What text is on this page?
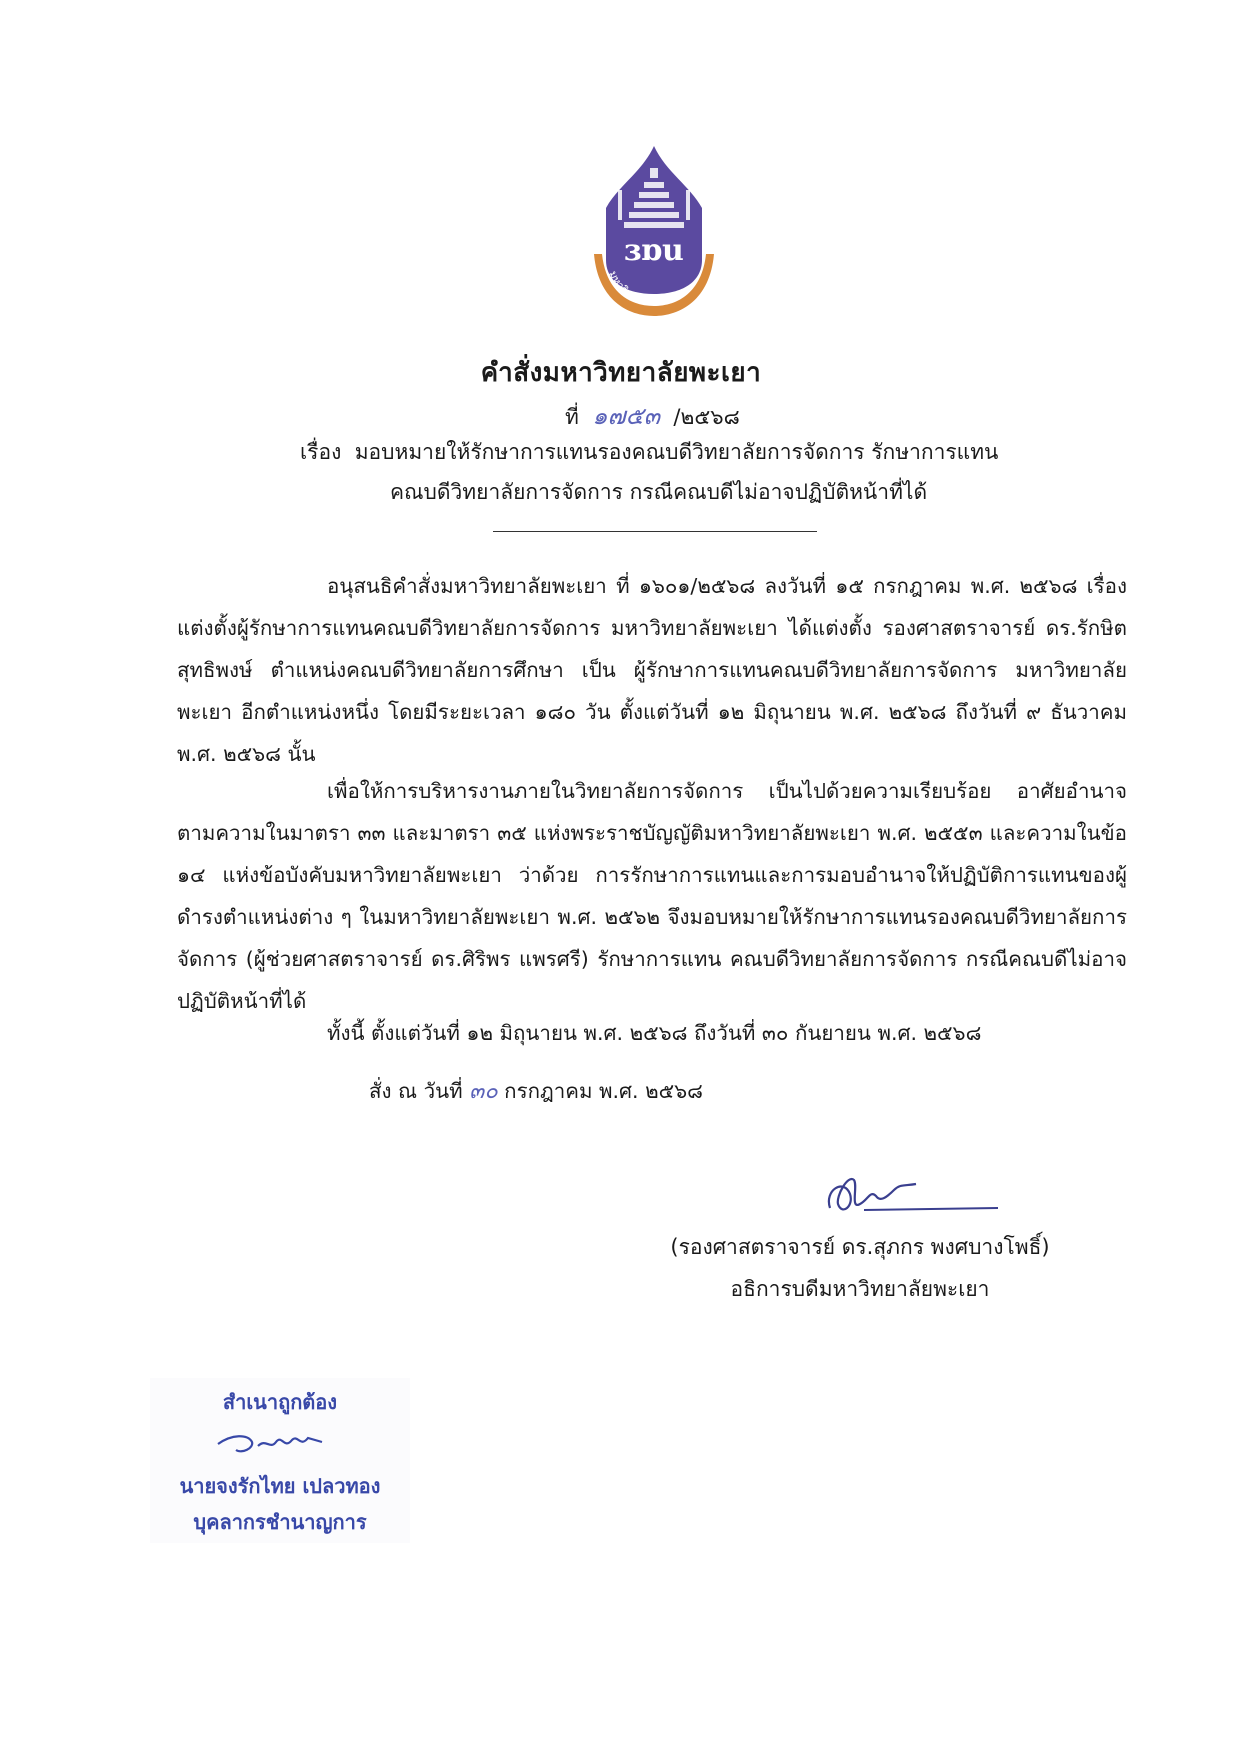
ɜɒu
มหาวิทยาลัยพะเยา
คำสั่งมหาวิทยาลัยพะเยา
ที่ ๑๗๕๓ /๒๕๖๘
เรื่อง มอบหมายให้รักษาการแทนรองคณบดีวิทยาลัยการจัดการ รักษาการแทน
คณบดีวิทยาลัยการจัดการ กรณีคณบดีไม่อาจปฏิบัติหน้าที่ได้

อนุสนธิคำสั่งมหาวิทยาลัยพะเยา ที่ ๑๖๐๑/๒๕๖๘ ลงวันที่ ๑๕ กรกฎาคม พ.ศ. ๒๕๖๘ เรื่อง แต่งตั้งผู้รักษาการแทนคณบดีวิทยาลัยการจัดการ มหาวิทยาลัยพะเยา ได้แต่งตั้ง รองศาสตราจารย์ ดร.รักษิต สุทธิพงษ์ ตำแหน่งคณบดีวิทยาลัยการศึกษา เป็น ผู้รักษาการแทนคณบดีวิทยาลัยการจัดการ มหาวิทยาลัยพะเยา อีกตำแหน่งหนึ่ง โดยมีระยะเวลา ๑๘๐ วัน ตั้งแต่วันที่ ๑๒ มิถุนายน พ.ศ. ๒๕๖๘ ถึงวันที่ ๙ ธันวาคม พ.ศ. ๒๕๖๘ นั้น

เพื่อให้การบริหารงานภายในวิทยาลัยการจัดการ เป็นไปด้วยความเรียบร้อย อาศัยอำนาจตามความในมาตรา ๓๓ และมาตรา ๓๕ แห่งพระราชบัญญัติมหาวิทยาลัยพะเยา พ.ศ. ๒๕๕๓ และความในข้อ ๑๔ แห่งข้อบังคับมหาวิทยาลัยพะเยา ว่าด้วย การรักษาการแทนและการมอบอำนาจให้ปฏิบัติการแทนของผู้ดำรงตำแหน่งต่าง ๆ ในมหาวิทยาลัยพะเยา พ.ศ. ๒๕๖๒ จึงมอบหมายให้รักษาการแทนรองคณบดีวิทยาลัยการจัดการ (ผู้ช่วยศาสตราจารย์ ดร.ศิริพร แพรศรี) รักษาการแทน คณบดีวิทยาลัยการจัดการ กรณีคณบดีไม่อาจปฏิบัติหน้าที่ได้

ทั้งนี้ ตั้งแต่วันที่ ๑๒ มิถุนายน พ.ศ. ๒๕๖๘ ถึงวันที่ ๓๐ กันยายน พ.ศ. ๒๕๖๘

สั่ง ณ วันที่ ๓๐ กรกฎาคม พ.ศ. ๒๕๖๘

(รองศาสตราจารย์ ดร.สุภกร พงศบางโพธิ์)
อธิการบดีมหาวิทยาลัยพะเยา
สำเนาถูกต้อง
นายจงรักไทย เปลวทอง
บุคลากรชำนาญการ
